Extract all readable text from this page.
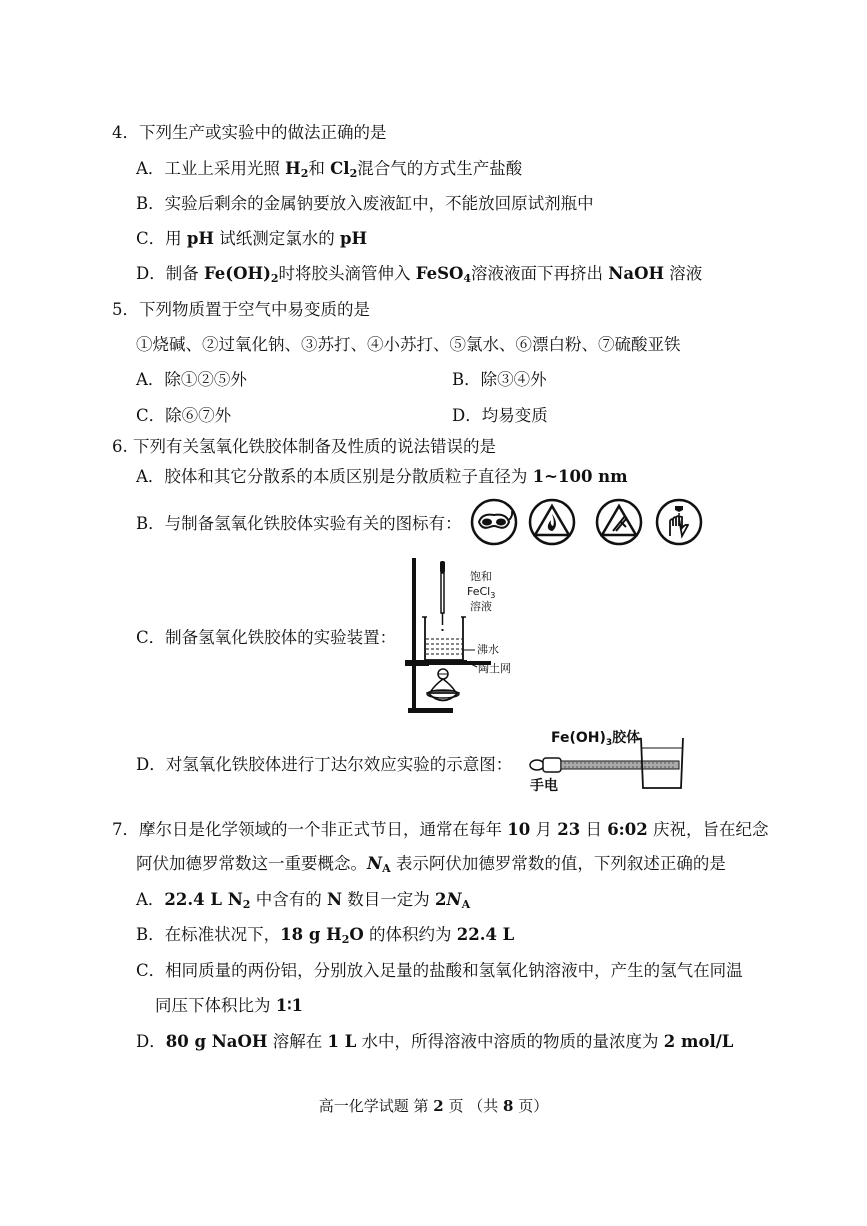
4．下列生产或实验中的做法正确的是
A．工业上采用光照 $H_2$和 $Cl_2$混合气的方式生产盐酸
B．实验后剩余的金属钠要放入废液缸中，不能放回原试剂瓶中
C．用 pH 试纸测定氯水的 pH
D．制备 $Fe(OH)_2$时将胶头滴管伸入 FeSO$_4$溶液液面下再挤出 NaOH 溶液
5．下列物质置于空气中易变质的是
①烧碱、②过氧化钠、③苏打、④小苏打、⑤氯水、⑥漂白粉、⑦硫酸亚铁
A．除①②⑤外	B．除③④外
C．除⑥⑦外	D．均易变质
6. 下列有关氢氧化铁胶体制备及性质的说法错误的是
A．胶体和其它分散系的本质区别是分散质粒子直径为 1~100 nm
B．与制备氢氧化铁胶体实验有关的图标有：
C．制备氢氧化铁胶体的实验装置：
饱和
FeCl$_3$
溶液
沸水
陶土网
D．对氢氧化铁胶体进行丁达尔效应实验的示意图：
$Fe(OH)_3$胶体
手电
7．摩尔日是化学领域的一个非正式节日，通常在每年 10 月 23 日 6:02 庆祝，旨在纪念
阿伏加德罗常数这一重要概念。$N_A$ 表示阿伏加德罗常数的值，下列叙述正确的是
A．22.4 L $N_2$ 中含有的 N 数目一定为 $2N_A$
B．在标准状况下，18 g $H_2O$ 的体积约为 22.4 L
C．相同质量的两份铝，分别放入足量的盐酸和氢氧化钠溶液中，产生的氢气在同温
同压下体积比为 1∶1
D．80 g NaOH 溶解在 1 L 水中，所得溶液中溶质的物质的量浓度为 2 mol/L
高一化学试题 第 2 页 （共 8 页）
